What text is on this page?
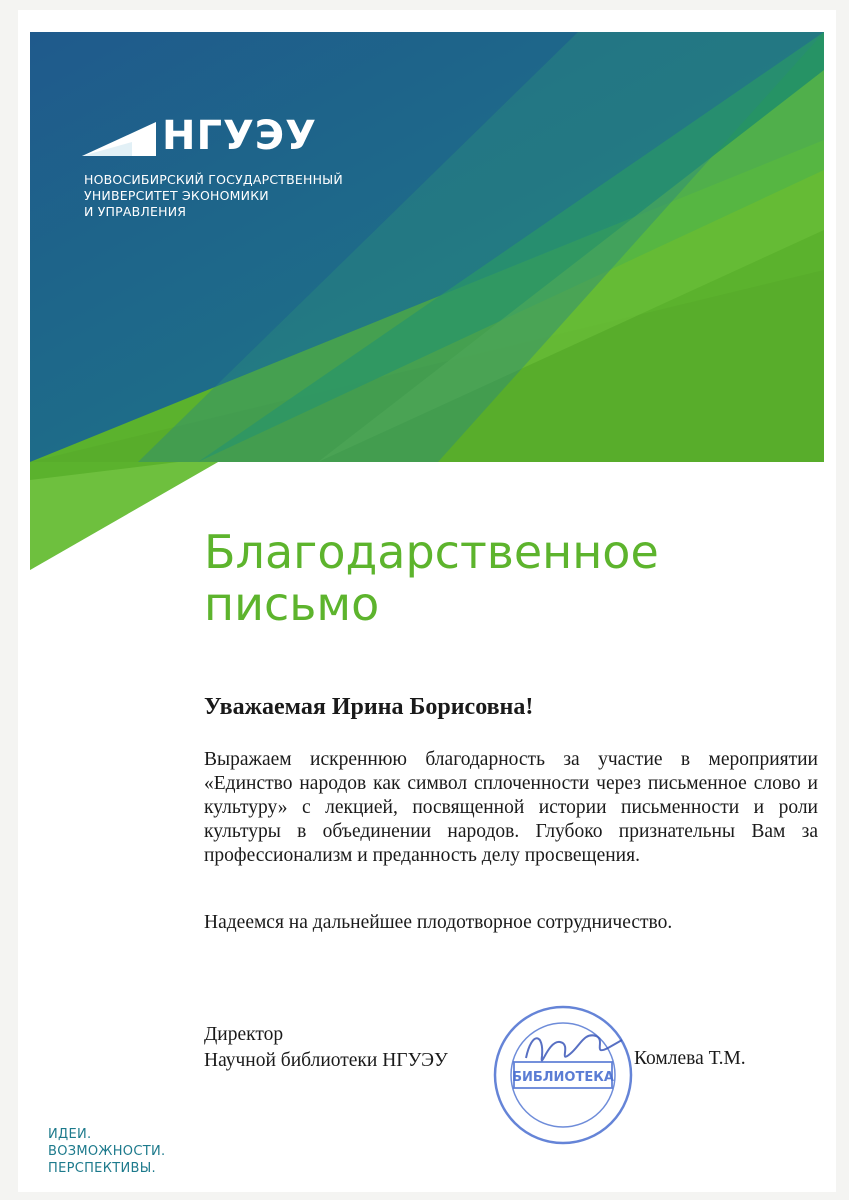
НГУЭУ
НОВОСИБИРСКИЙ ГОСУДАРСТВЕННЫЙ
УНИВЕРСИТЕТ ЭКОНОМИКИ
И УПРАВЛЕНИЯ
Благодарственное
письмо
Уважаемая Ирина Борисовна!
Выражаем искреннюю благодарность за участие в мероприятии «Единство народов как символ сплоченности через письменное слово и культуру» с лекцией, посвященной истории письменности и роли культуры в объединении народов. Глубоко признательны Вам за профессионализм и преданность делу просвещения.
Надеемся на дальнейшее плодотворное сотрудничество.
Директор
Научной библиотеки НГУЭУ
БИБЛИОТЕКА
Комлева Т.М.
ИДЕИ.
ВОЗМОЖНОСТИ.
ПЕРСПЕКТИВЫ.
